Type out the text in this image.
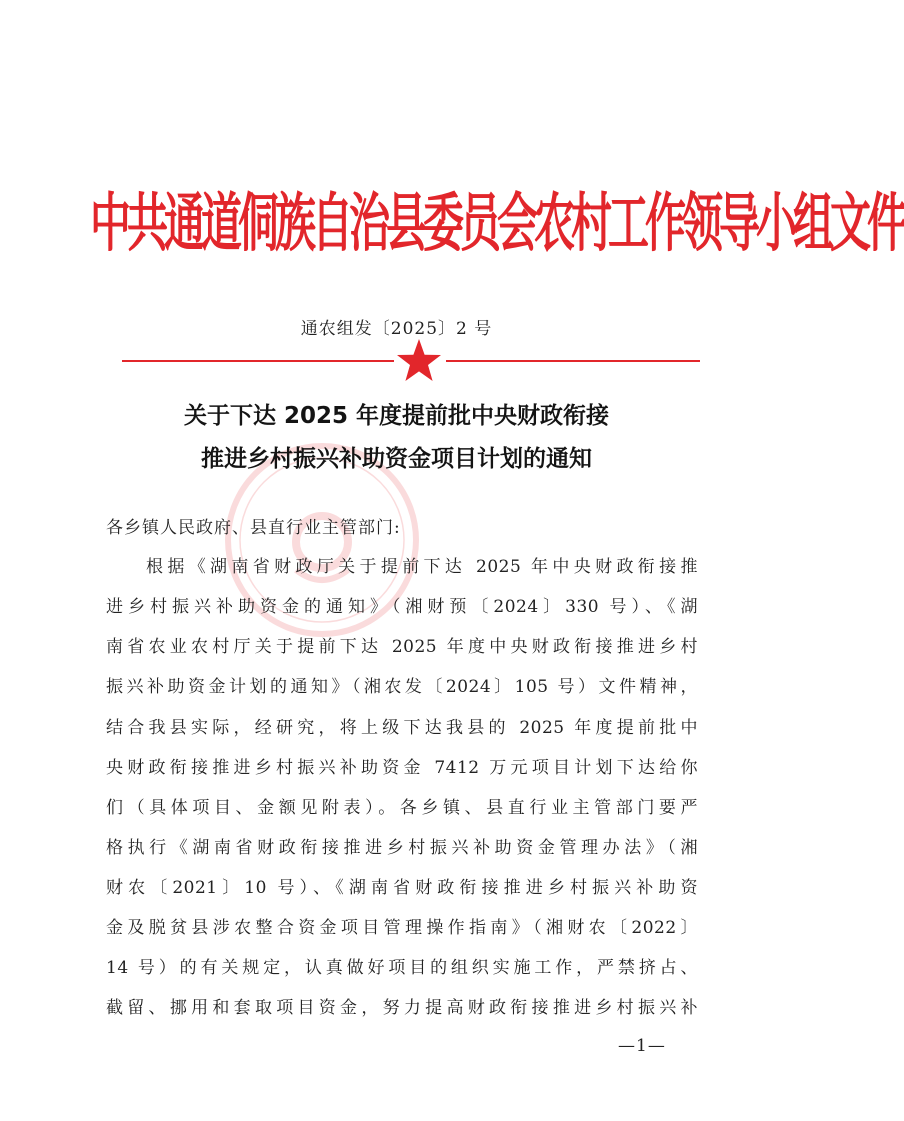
中共通道侗族自治县委员会农村工作领导小组文件
通农组发〔2025〕2 号
关于下达 2025 年度提前批中央财政衔接
推进乡村振兴补助资金项目计划的通知
各乡镇人民政府、县直行业主管部门:
根据《湖南省财政厅关于提前下达 2025 年中央财政衔接推
进乡村振兴补助资金的通知》（湘财预〔2024〕330 号）、《湖
南省农业农村厅关于提前下达 2025 年度中央财政衔接推进乡村
振兴补助资金计划的通知》（湘农发〔2024〕105 号）文件精神，
结合我县实际，经研究，将上级下达我县的 2025 年度提前批中
央财政衔接推进乡村振兴补助资金 7412 万元项目计划下达给你
们（具体项目、金额见附表）。各乡镇、县直行业主管部门要严
格执行《湖南省财政衔接推进乡村振兴补助资金管理办法》（湘
财农〔2021〕10 号）、《湖南省财政衔接推进乡村振兴补助资
金及脱贫县涉农整合资金项目管理操作指南》（湘财农〔2022〕
14 号）的有关规定，认真做好项目的组织实施工作，严禁挤占、
截留、挪用和套取项目资金，努力提高财政衔接推进乡村振兴补
—1—
